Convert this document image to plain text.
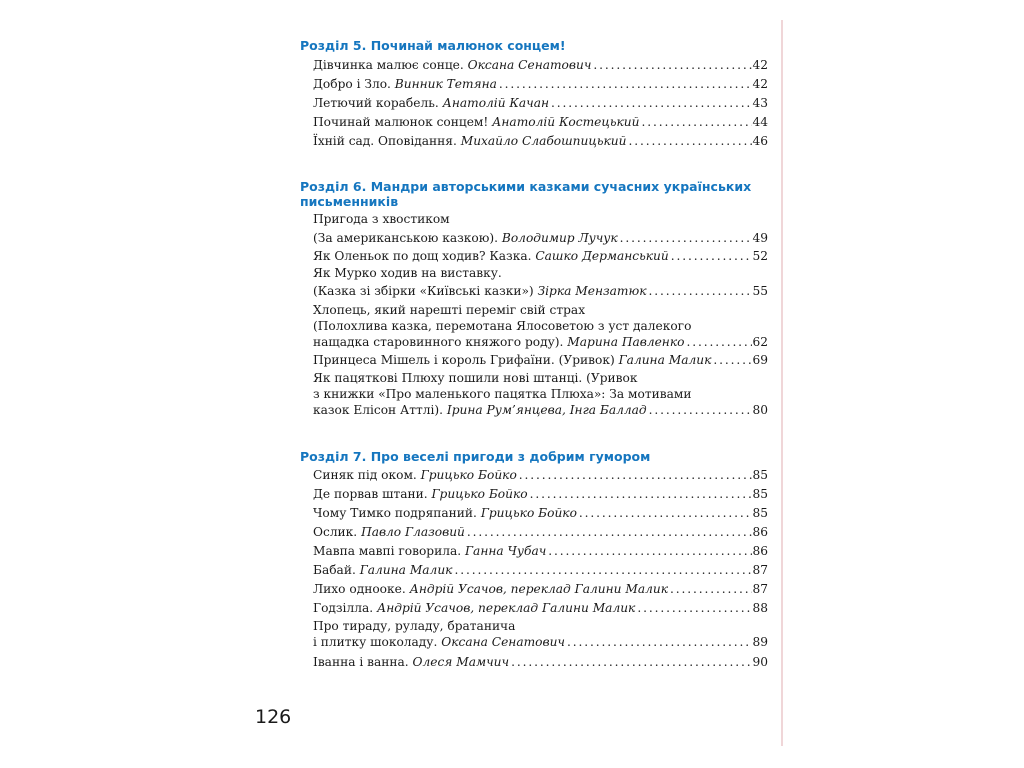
Розділ 5. Починай малюнок сонцем!
Дівчинка малює сонце. Оксана Сенатович . . .	42
Добро і Зло. Винник Тетяна . . .	42
Летючий корабель. Анатолій Качан . . .	43
Починай малюнок сонцем! Анатолій Костецький . . .	44
Їхній сад. Оповідання. Михайло Слабошпицький . . .	46
Розділ 6. Мандри авторськими казками сучасних українських
письменників
Пригода з хвостиком
(За американською казкою). Володимир Лучук . . .	49
Як Оленьок по дощ ходив? Казка. Сашко Дерманський . . .	52
Як Мурко ходив на виставку.
(Казка зі збірки «Київські казки») Зірка Мензатюк . . .	55
Хлопець, який нарешті переміг свій страх
(Полохлива казка, перемотана Ялосоветою з уст далекого
нащадка старовинного княжого роду). Марина Павленко . . .	62
Принцеса Мішель і король Грифаїни. (Уривок) Галина Малик . . .	69
Як пацяткові Плюху пошили нові штанці. (Уривок
з книжки «Про маленького пацятка Плюха»: За мотивами
казок Елісон Аттлі). Ірина Рум’янцева, Інга Баллад . . .	80
Розділ 7. Про веселі пригоди з добрим гумором
Синяк під оком. Грицько Бойко . . .	85
Де порвав штани. Грицько Бойко . . .	85
Чому Тимко подряпаний. Грицько Бойко . . .	85
Ослик. Павло Глазовий . . .	86
Мавпа мавпі говорила. Ганна Чубач . . .	86
Бабай. Галина Малик . . .	87
Лихо однооке. Андрій Усачов, переклад Галини Малик . . .	87
Годзілла. Андрій Усачов, переклад Галини Малик . . .	88
Про тираду, руладу, братанича
і плитку шоколаду. Оксана Сенатович . . .	89
Іванна і ванна. Олеся Мамчич . . .	90
126
